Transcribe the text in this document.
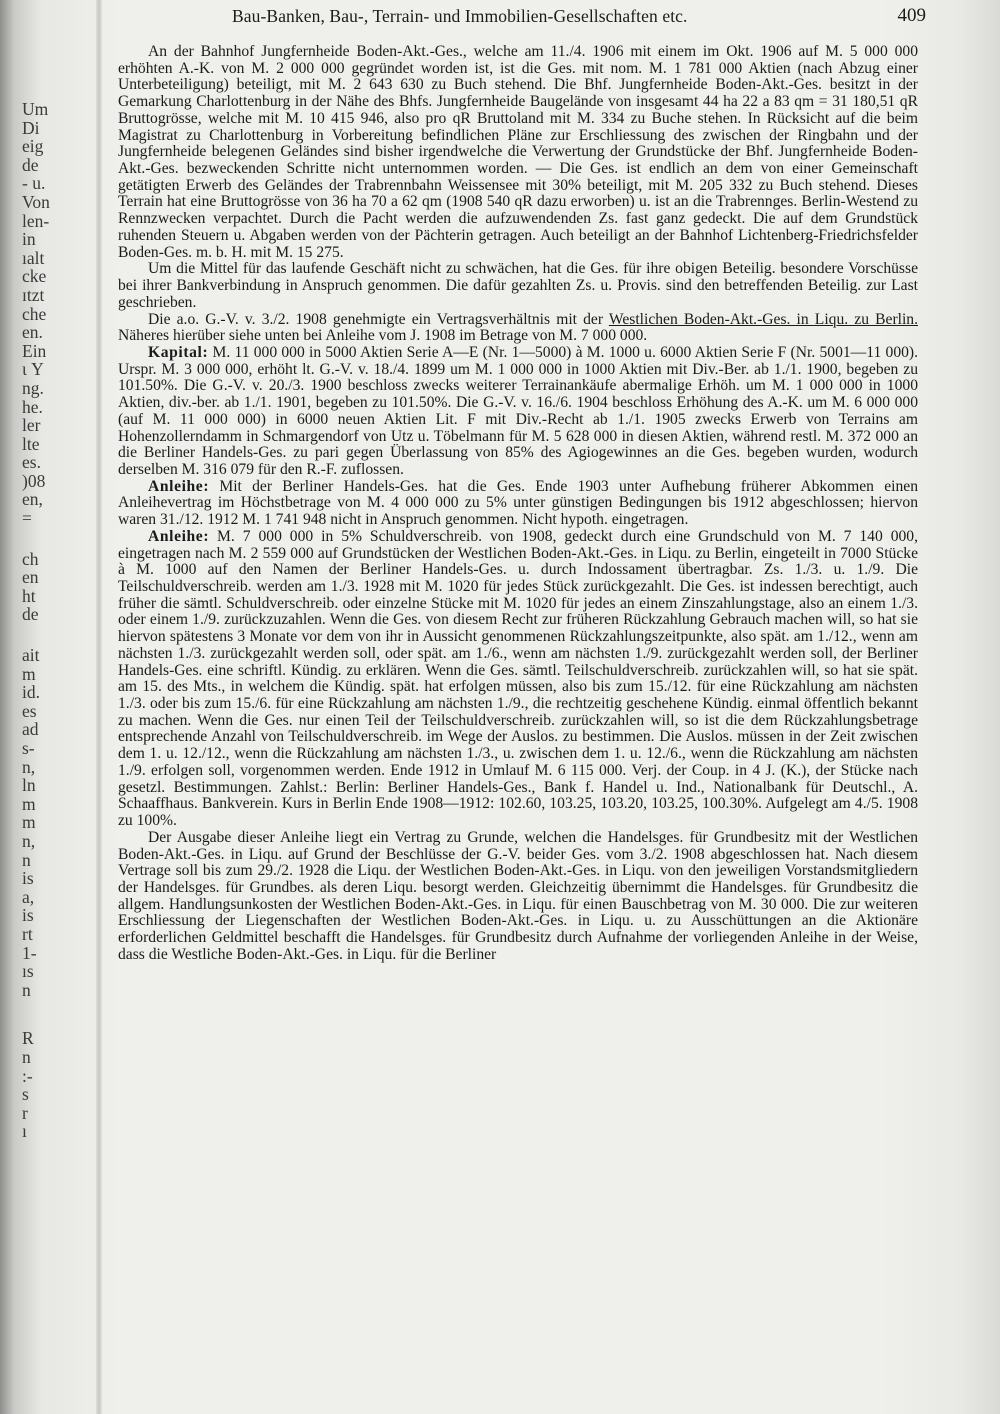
Um
Di
eig
de
- u.
Von
len-
in
ıalt
cke
ɪtzt
che
en.
Ein
ι Y
ng.
he.
ler
lte
es.
)08
en,
=
ch
en
ht
de
ait
m
id.
es
ad
s-
n,
ln
m
m
n,
n
is
a,
is
rt
1-
ıs
n
R
n
:-
s
r
ı
Bau-Banken, Bau-, Terrain- und Immobilien-Gesellschaften etc.	409

An der Bahnhof Jungfernheide Boden-Akt.-Ges., welche am 11./4. 1906 mit einem im Okt. 1906 auf M. 5 000 000 erhöhten A.-K. von M. 2 000 000 gegründet worden ist, ist die Ges. mit nom. M. 1 781 000 Aktien (nach Abzug einer Unterbeteiligung) beteiligt, mit M. 2 643 630 zu Buch stehend. Die Bhf. Jungfernheide Boden-Akt.-Ges. besitzt in der Gemarkung Charlottenburg in der Nähe des Bhfs. Jungfernheide Baugelände von insgesamt 44 ha 22 a 83 qm = 31 180,51 qR Bruttogrösse, welche mit M. 10 415 946, also pro qR Bruttoland mit M. 334 zu Buche stehen. In Rücksicht auf die beim Magistrat zu Charlottenburg in Vorbereitung befindlichen Pläne zur Erschliessung des zwischen der Ringbahn und der Jungfernheide belegenen Geländes sind bisher irgendwelche die Verwertung der Grundstücke der Bhf. Jungfernheide Boden-Akt.-Ges. bezweckenden Schritte nicht unternommen worden. — Die Ges. ist endlich an dem von einer Gemeinschaft getätigten Erwerb des Geländes der Trabrennbahn Weissensee mit 30% beteiligt, mit M. 205 332 zu Buch stehend. Dieses Terrain hat eine Bruttogrösse von 36 ha 70 a 62 qm (1908 540 qR dazu erworben) u. ist an die Trabrennges. Berlin-Westend zu Rennzwecken verpachtet. Durch die Pacht werden die aufzuwendenden Zs. fast ganz gedeckt. Die auf dem Grundstück ruhenden Steuern u. Abgaben werden von der Pächterin getragen. Auch beteiligt an der Bahnhof Lichtenberg-Friedrichsfelder Boden-Ges. m. b. H. mit M. 15 275.

Um die Mittel für das laufende Geschäft nicht zu schwächen, hat die Ges. für ihre obigen Beteilig. besondere Vorschüsse bei ihrer Bankverbindung in Anspruch genommen. Die dafür gezahlten Zs. u. Provis. sind den betreffenden Beteilig. zur Last geschrieben.

Die a.o. G.-V. v. 3./2. 1908 genehmigte ein Vertragsverhältnis mit der Westlichen Boden-Akt.-Ges. in Liqu. zu Berlin. Näheres hierüber siehe unten bei Anleihe vom J. 1908 im Betrage von M. 7 000 000.

Kapital: M. 11 000 000 in 5000 Aktien Serie A—E (Nr. 1—5000) à M. 1000 u. 6000 Aktien Serie F (Nr. 5001—11 000). Urspr. M. 3 000 000, erhöht lt. G.-V. v. 18./4. 1899 um M. 1 000 000 in 1000 Aktien mit Div.-Ber. ab 1./1. 1900, begeben zu 101.50%. Die G.-V. v. 20./3. 1900 beschloss zwecks weiterer Terrainankäufe abermalige Erhöh. um M. 1 000 000 in 1000 Aktien, div.-ber. ab 1./1. 1901, begeben zu 101.50%. Die G.-V. v. 16./6. 1904 beschloss Erhöhung des A.-K. um M. 6 000 000 (auf M. 11 000 000) in 6000 neuen Aktien Lit. F mit Div.-Recht ab 1./1. 1905 zwecks Erwerb von Terrains am Hohenzollerndamm in Schmargendorf von Utz u. Töbelmann für M. 5 628 000 in diesen Aktien, während restl. M. 372 000 an die Berliner Handels-Ges. zu pari gegen Überlassung von 85% des Agiogewinnes an die Ges. begeben wurden, wodurch derselben M. 316 079 für den R.-F. zuflossen.

Anleihe: Mit der Berliner Handels-Ges. hat die Ges. Ende 1903 unter Aufhebung früherer Abkommen einen Anleihevertrag im Höchstbetrage von M. 4 000 000 zu 5% unter günstigen Bedingungen bis 1912 abgeschlossen; hiervon waren 31./12. 1912 M. 1 741 948 nicht in Anspruch genommen. Nicht hypoth. eingetragen.

Anleihe: M. 7 000 000 in 5% Schuldverschreib. von 1908, gedeckt durch eine Grundschuld von M. 7 140 000, eingetragen nach M. 2 559 000 auf Grundstücken der Westlichen Boden-Akt.-Ges. in Liqu. zu Berlin, eingeteilt in 7000 Stücke à M. 1000 auf den Namen der Berliner Handels-Ges. u. durch Indossament übertragbar. Zs. 1./3. u. 1./9. Die Teilschuldverschreib. werden am 1./3. 1928 mit M. 1020 für jedes Stück zurückgezahlt. Die Ges. ist indessen berechtigt, auch früher die sämtl. Schuldverschreib. oder einzelne Stücke mit M. 1020 für jedes an einem Zinszahlungstage, also an einem 1./3. oder einem 1./9. zurückzuzahlen. Wenn die Ges. von diesem Recht zur früheren Rückzahlung Gebrauch machen will, so hat sie hiervon spätestens 3 Monate vor dem von ihr in Aussicht genommenen Rückzahlungszeitpunkte, also spät. am 1./12., wenn am nächsten 1./3. zurückgezahlt werden soll, oder spät. am 1./6., wenn am nächsten 1./9. zurückgezahlt werden soll, der Berliner Handels-Ges. eine schriftl. Kündig. zu erklären. Wenn die Ges. sämtl. Teilschuldverschreib. zurückzahlen will, so hat sie spät. am 15. des Mts., in welchem die Kündig. spät. hat erfolgen müssen, also bis zum 15./12. für eine Rückzahlung am nächsten 1./3. oder bis zum 15./6. für eine Rückzahlung am nächsten 1./9., die rechtzeitig geschehene Kündig. einmal öffentlich bekannt zu machen. Wenn die Ges. nur einen Teil der Teilschuldverschreib. zurückzahlen will, so ist die dem Rückzahlungsbetrage entsprechende Anzahl von Teilschuldverschreib. im Wege der Auslos. zu bestimmen. Die Auslos. müssen in der Zeit zwischen dem 1. u. 12./12., wenn die Rückzahlung am nächsten 1./3., u. zwischen dem 1. u. 12./6., wenn die Rückzahlung am nächsten 1./9. erfolgen soll, vorgenommen werden. Ende 1912 in Umlauf M. 6 115 000. Verj. der Coup. in 4 J. (K.), der Stücke nach gesetzl. Bestimmungen. Zahlst.: Berlin: Berliner Handels-Ges., Bank f. Handel u. Ind., Nationalbank für Deutschl., A. Schaaffhaus. Bankverein. Kurs in Berlin Ende 1908—1912: 102.60, 103.25, 103.20, 103.25, 100.30%. Aufgelegt am 4./5. 1908 zu 100%.

Der Ausgabe dieser Anleihe liegt ein Vertrag zu Grunde, welchen die Handelsges. für Grundbesitz mit der Westlichen Boden-Akt.-Ges. in Liqu. auf Grund der Beschlüsse der G.-V. beider Ges. vom 3./2. 1908 abgeschlossen hat. Nach diesem Vertrage soll bis zum 29./2. 1928 die Liqu. der Westlichen Boden-Akt.-Ges. in Liqu. von den jeweiligen Vorstandsmitgliedern der Handelsges. für Grundbes. als deren Liqu. besorgt werden. Gleichzeitig übernimmt die Handelsges. für Grundbesitz die allgem. Handlungsunkosten der Westlichen Boden-Akt.-Ges. in Liqu. für einen Bauschbetrag von M. 30 000. Die zur weiteren Erschliessung der Liegenschaften der Westlichen Boden-Akt.-Ges. in Liqu. u. zu Ausschüttungen an die Aktionäre erforderlichen Geldmittel beschafft die Handelsges. für Grundbesitz durch Aufnahme der vorliegenden Anleihe in der Weise, dass die Westliche Boden-Akt.-Ges. in Liqu. für die Berliner
